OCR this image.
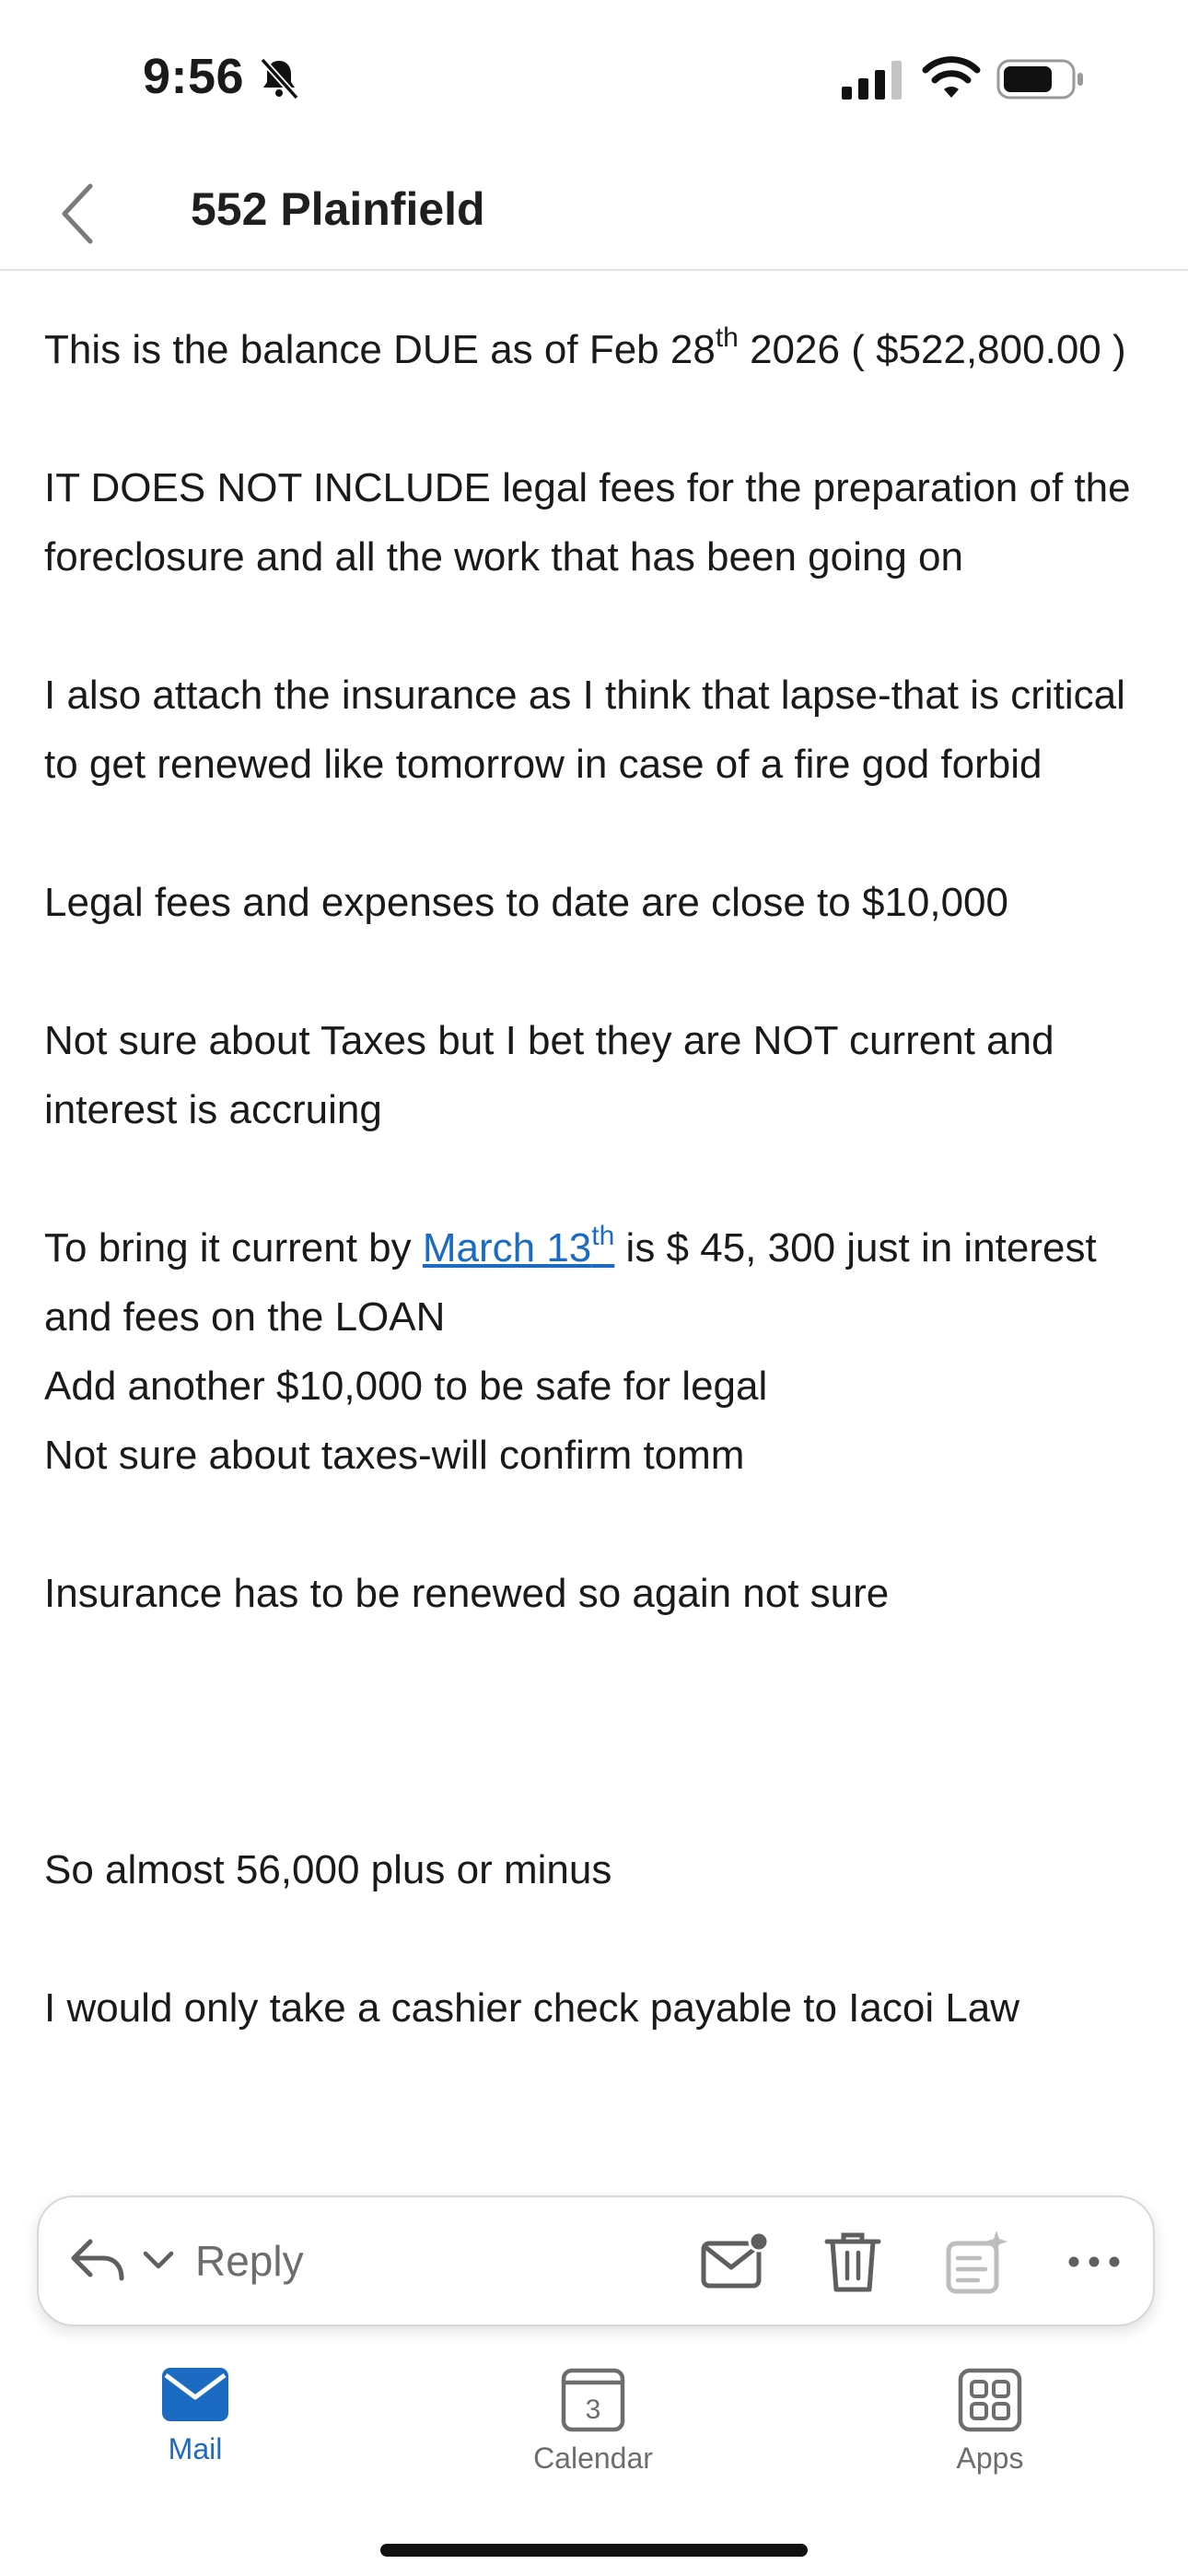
9:56
552 Plainfield

This is the balance DUE as of Feb 28th 2026 ( $522,800.00 )

IT DOES NOT INCLUDE legal fees for the preparation of the foreclosure and all the work that has been going on

I also attach the insurance as I think that lapse-that is critical to get renewed like tomorrow in case of a fire god forbid

Legal fees and expenses to date are close to $10,000

Not sure about Taxes but I bet they are NOT current and interest is accruing

To bring it current by March 13th is $ 45, 300 just in interest and fees on the LOAN

Add another $10,000 to be safe for legal

Not sure about taxes-will confirm tomm

Insurance has to be renewed so again not sure

So almost 56,000 plus or minus

I would only take a cashier check payable to Iacoi Law

Reply
Mail
3
Calendar	Apps
